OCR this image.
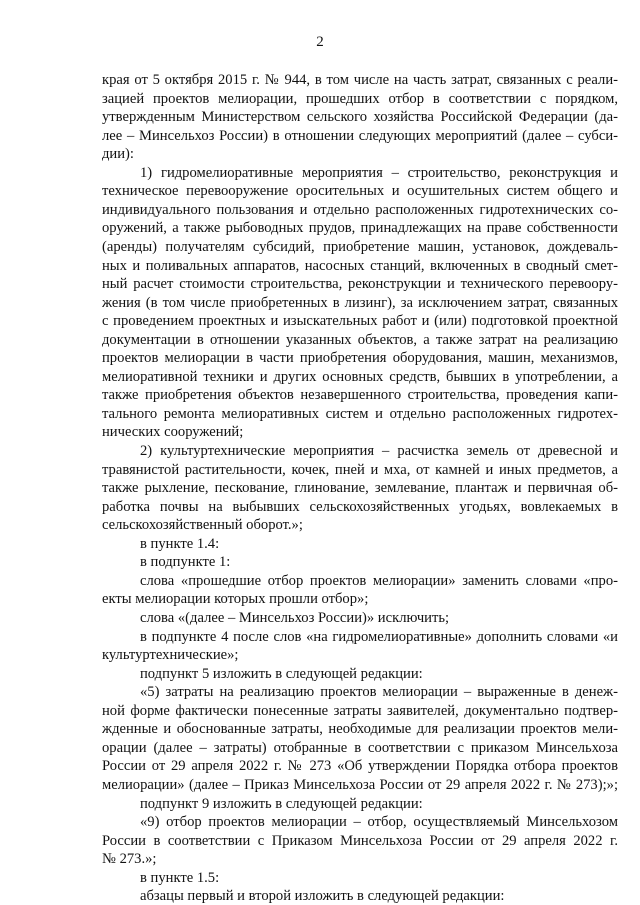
2
края от 5 октября 2015 г. № 944, в том числе на часть затрат, связанных с реали-
зацией проектов мелиорации, прошедших отбор в соответствии с порядком,
утвержденным Министерством сельского хозяйства Российской Федерации (да-
лее – Минсельхоз России) в отношении следующих мероприятий (далее – субси-
дии):
1) гидромелиоративные мероприятия – строительство, реконструкция и
техническое перевооружение оросительных и осушительных систем общего и
индивидуального пользования и отдельно расположенных гидротехнических со-
оружений, а также рыбоводных прудов, принадлежащих на праве собственности
(аренды) получателям субсидий, приобретение машин, установок, дождеваль-
ных и поливальных аппаратов, насосных станций, включенных в сводный смет-
ный расчет стоимости строительства, реконструкции и технического перевоору-
жения (в том числе приобретенных в лизинг), за исключением затрат, связанных
с проведением проектных и изыскательных работ и (или) подготовкой проектной
документации в отношении указанных объектов, а также затрат на реализацию
проектов мелиорации в части приобретения оборудования, машин, механизмов,
мелиоративной техники и других основных средств, бывших в употреблении, а
также приобретения объектов незавершенного строительства, проведения капи-
тального ремонта мелиоративных систем и отдельно расположенных гидротех-
нических сооружений;
2) культуртехнические мероприятия – расчистка земель от древесной и
травянистой растительности, кочек, пней и мха, от камней и иных предметов, а
также рыхление, пескование, глинование, землевание, плантаж и первичная об-
работка почвы на выбывших сельскохозяйственных угодьях, вовлекаемых в
сельскохозяйственный оборот.»;
в пункте 1.4:
в подпункте 1:
слова «прошедшие отбор проектов мелиорации» заменить словами «про-
екты мелиорации которых прошли отбор»;
слова «(далее – Минсельхоз России)» исключить;
в подпункте 4 после слов «на гидромелиоративные» дополнить словами «и
культуртехнические»;
подпункт 5 изложить в следующей редакции:
«5) затраты на реализацию проектов мелиорации – выраженные в денеж-
ной форме фактически понесенные затраты заявителей, документально подтвер-
жденные и обоснованные затраты, необходимые для реализации проектов мели-
орации (далее – затраты) отобранные в соответствии с приказом Минсельхоза
России от 29 апреля 2022 г. № 273 «Об утверждении Порядка отбора проектов
мелиорации» (далее – Приказ Минсельхоза России от 29 апреля 2022 г. № 273);»;
подпункт 9 изложить в следующей редакции:
«9) отбор проектов мелиорации – отбор, осуществляемый Минсельхозом
России в соответствии с Приказом Минсельхоза России от 29 апреля 2022 г.
№ 273.»;
в пункте 1.5:
абзацы первый и второй изложить в следующей редакции:
